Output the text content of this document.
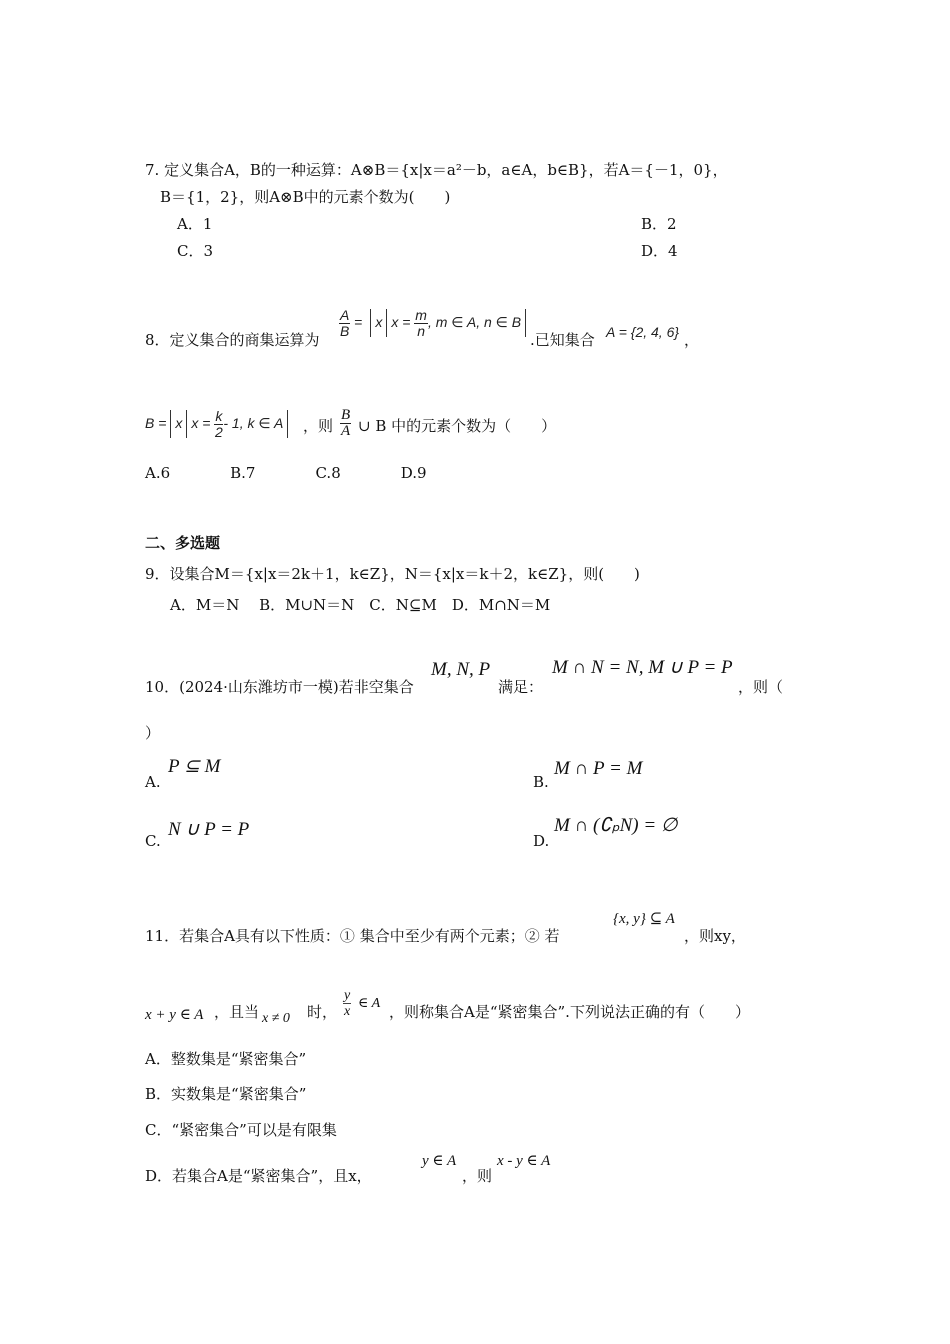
7. 定义集合A，B的一种运算：A⊗B＝{x|x＝a²－b，a∈A，b∈B}，若A＝{－1，0}，
B＝{1，2}，则A⊗B中的元素个数为(　　)
A．1	B．2
C．3	D．4
8．定义集合的商集运算为
$\frac{A}{B} = x$ $x = \frac{m}{n}$ , m ∈ A, n ∈ B
.已知集合 A = {2, 4, 6} ，
B = x $x = \frac{k}{2} - 1$, k ∈ A	，则 $\frac{B}{A}$ ∪ B 中的元素个数为（　　）
A.6　　　　B.7　　　　C.8　　　　D.9
二、多选题
9．设集合M＝{x|x＝2k＋1，k∈Z}，N＝{x|x＝k＋2，k∈Z}，则(　　)
A．M＝N　 B．M∪N＝N　C．N⊆M　D．M∩N＝M
10．(2024·山东潍坊市一模)若非空集合
M, N, P
满足：
M ∩ N = N, M ∪ P = P
，则（
）
A.
P ⊆ M
B.
M ∩ P = M
C.
N ∪ P = P
D.
M ∩ (∁ₚN) = ∅
11．若集合A具有以下性质：① 集合中至少有两个元素；② 若
{x, y} ⊆ A
，则xy，
x + y ∈ A ，且当 x ≠ 0 时， $\frac{y}{x}$ ∈ A ，则称集合A是“紧密集合”.下列说法正确的有（　　）
A．整数集是“紧密集合”
B．实数集是“紧密集合”
C．“紧密集合”可以是有限集
D．若集合A是“紧密集合”，且x，
y ∈ A
，则
x - y ∈ A
